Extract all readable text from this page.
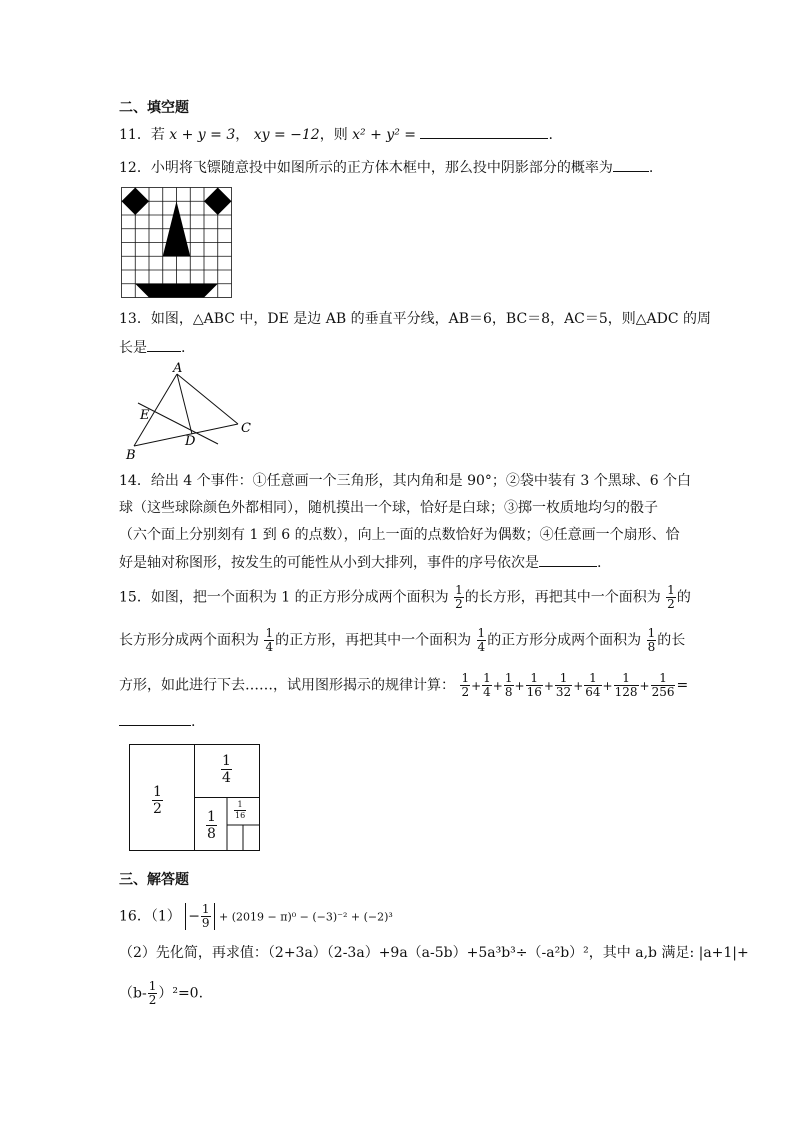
二、填空题
11．若 x + y = 3， xy = −12，则 x² + y² =	.
12．小明将飞镖随意投中如图所示的正方体木框中，那么投中阴影部分的概率为	.
13．如图，△ABC 中，DE 是边 AB 的垂直平分线，AB＝6，BC＝8，AC＝5，则△ADC 的周
长是 .
A
B
C
D
E
14．给出 4 个事件：①任意画一个三角形，其内角和是 90°；②袋中装有 3 个黑球、6 个白
球（这些球除颜色外都相同），随机摸出一个球，恰好是白球；③掷一枚质地均匀的骰子
（六个面上分别刻有 1 到 6 的点数），向上一面的点数恰好为偶数；④任意画一个扇形、恰
好是轴对称图形，按发生的可能性从小到大排列，事件的序号依次是	.
15．如图，把一个面积为 1 的正方形分成两个面积为 $\frac{1}{2}$ 的长方形，再把其中一个面积为 $\frac{1}{2}$ 的
长方形分成两个面积为 $\frac{1}{4}$ 的正方形，再把其中一个面积为 $\frac{1}{4}$ 的正方形分成两个面积为 $\frac{1}{8}$ 的长
方形，如此进行下去……，试用图形揭示的规律计算： $\frac{1}{2} + \frac{1}{4} + \frac{1}{8} + \frac{1}{16} + \frac{1}{32} + \frac{1}{64} + \frac{1}{128} + \frac{1}{256}$ =
.
$\frac{1}{2}$
$\frac{1}{4}$
$\frac{1}{8} \frac{1}{16}$
三、解答题
16．$(1) - \frac{1}{9} + (2019 - \pi)^0 - (-3)^{-2} + (-2)^3$
（2）先化简，再求值：（2+3a）（2-3a）+9a（a-5b）+5a³b³÷（-a²b）²，其中 a,b 满足: |a+1|+
$(b- \frac{1}{2} )^2=0$.
